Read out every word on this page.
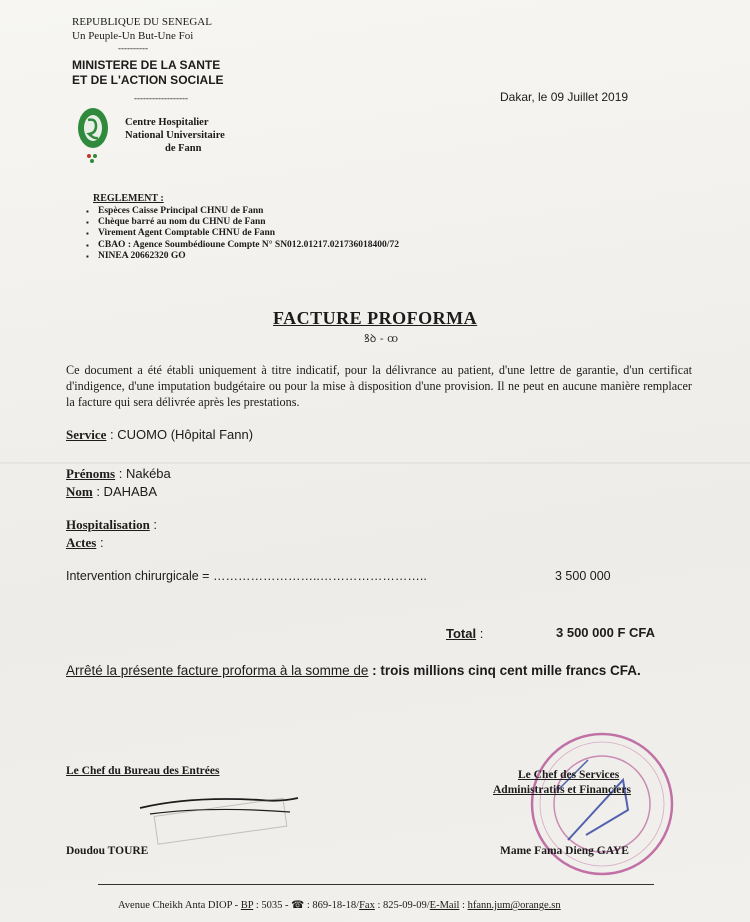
REPUBLIQUE DU SENEGAL
Un Peuple-Un But-Une Foi
----------
MINISTERE DE LA SANTE
ET DE L'ACTION SOCIALE
------------------	Dakar, le 09 Juillet 2019
Centre Hospitalier
National Universitaire
de Fann
REGLEMENT :
▪ Espèces Caisse Principal CHNU de Fann
▪ Chèque barré au nom du CHNU de Fann
▪ Virement Agent Comptable CHNU de Fann
▪ CBAO : Agence Soumbédioune Compte N° SN012.01217.021736018400/72
▪ NINEA 20662320 GO
FACTURE PROFORMA
ꝸꝺ - ꝏ
Ce document a été établi uniquement à titre indicatif, pour la délivrance au patient, d'une lettre de garantie, d'un certificat d'indigence, d'une imputation budgétaire ou pour la mise à disposition d'une provision. Il ne peut en aucune manière remplacer la facture qui sera délivrée après les prestations.
Service : CUOMO (Hôpital Fann)
Prénoms : Nakéba
Nom : DAHABA
Hospitalisation :
Actes :
Intervention chirurgicale = ……………………..……………………..	3 500 000
Total :	3 500 000 F CFA
Arrêté la présente facture proforma à la somme de : trois millions cinq cent mille francs CFA.
Le Chef du Bureau des Entrées
Doudou TOURE
Le Chef des Services
Administratifs et Financiers
Mame Fama Dieng GAYE
Avenue Cheikh Anta DIOP - BP : 5035 - ☎ : 869-18-18/Fax : 825-09-09/E-Mail : hfann.jum@orange.sn
